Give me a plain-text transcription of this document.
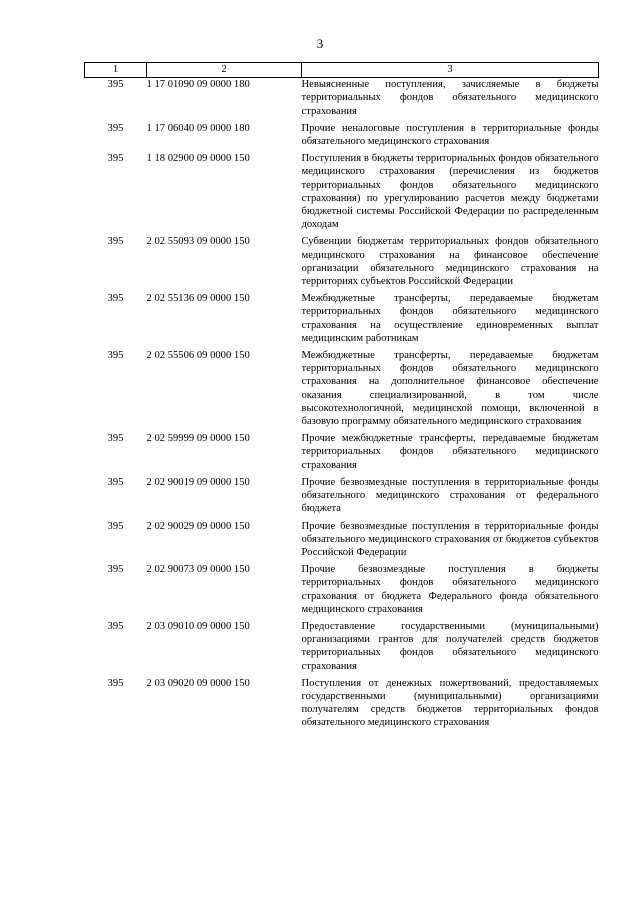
3
1	2	3
395	1 17 01090 09 0000 180	Невыясненные поступления, зачисляемые в бюджеты территориальных фондов обязательного медицинского страхования
395	1 17 06040 09 0000 180	Прочие неналоговые поступления в территориальные фонды обязательного медицинского страхования
395	1 18 02900 09 0000 150	Поступления в бюджеты территориальных фондов обязательного медицинского страхования (перечисления из бюджетов территориальных фондов обязательного медицинского страхования) по урегулированию расчетов между бюджетами бюджетной системы Российской Федерации по распределенным доходам
395	2 02 55093 09 0000 150	Субвенции бюджетам территориальных фондов обязательного медицинского страхования на финансовое обеспечение организации обязательного медицинского страхования на территориях субъектов Российской Федерации
395	2 02 55136 09 0000 150	Межбюджетные трансферты, передаваемые бюджетам территориальных фондов обязательного медицинского страхования на осуществление единовременных выплат медицинским работникам
395	2 02 55506 09 0000 150	Межбюджетные трансферты, передаваемые бюджетам территориальных фондов обязательного медицинского страхования на дополнительное финансовое обеспечение оказания специализированной, в том числе высокотехнологичной, медицинской помощи, включенной в базовую программу обязательного медицинского страхования
395	2 02 59999 09 0000 150	Прочие межбюджетные трансферты, передаваемые бюджетам территориальных фондов обязательного медицинского страхования
395	2 02 90019 09 0000 150	Прочие безвозмездные поступления в территориальные фонды обязательного медицинского страхования от федерального бюджета
395	2 02 90029 09 0000 150	Прочие безвозмездные поступления в территориальные фонды обязательного медицинского страхования от бюджетов субъектов Российской Федерации
395	2 02 90073 09 0000 150	Прочие безвозмездные поступления в бюджеты территориальных фондов обязательного медицинского страхования от бюджета Федерального фонда обязательного медицинского страхования
395	2 03 09010 09 0000 150	Предоставление государственными (муниципальными) организациями грантов для получателей средств бюджетов территориальных фондов обязательного медицинского страхования
395	2 03 09020 09 0000 150	Поступления от денежных пожертвований, предоставляемых государственными (муниципальными) организациями получателям средств бюджетов территориальных фондов обязательного медицинского страхования
